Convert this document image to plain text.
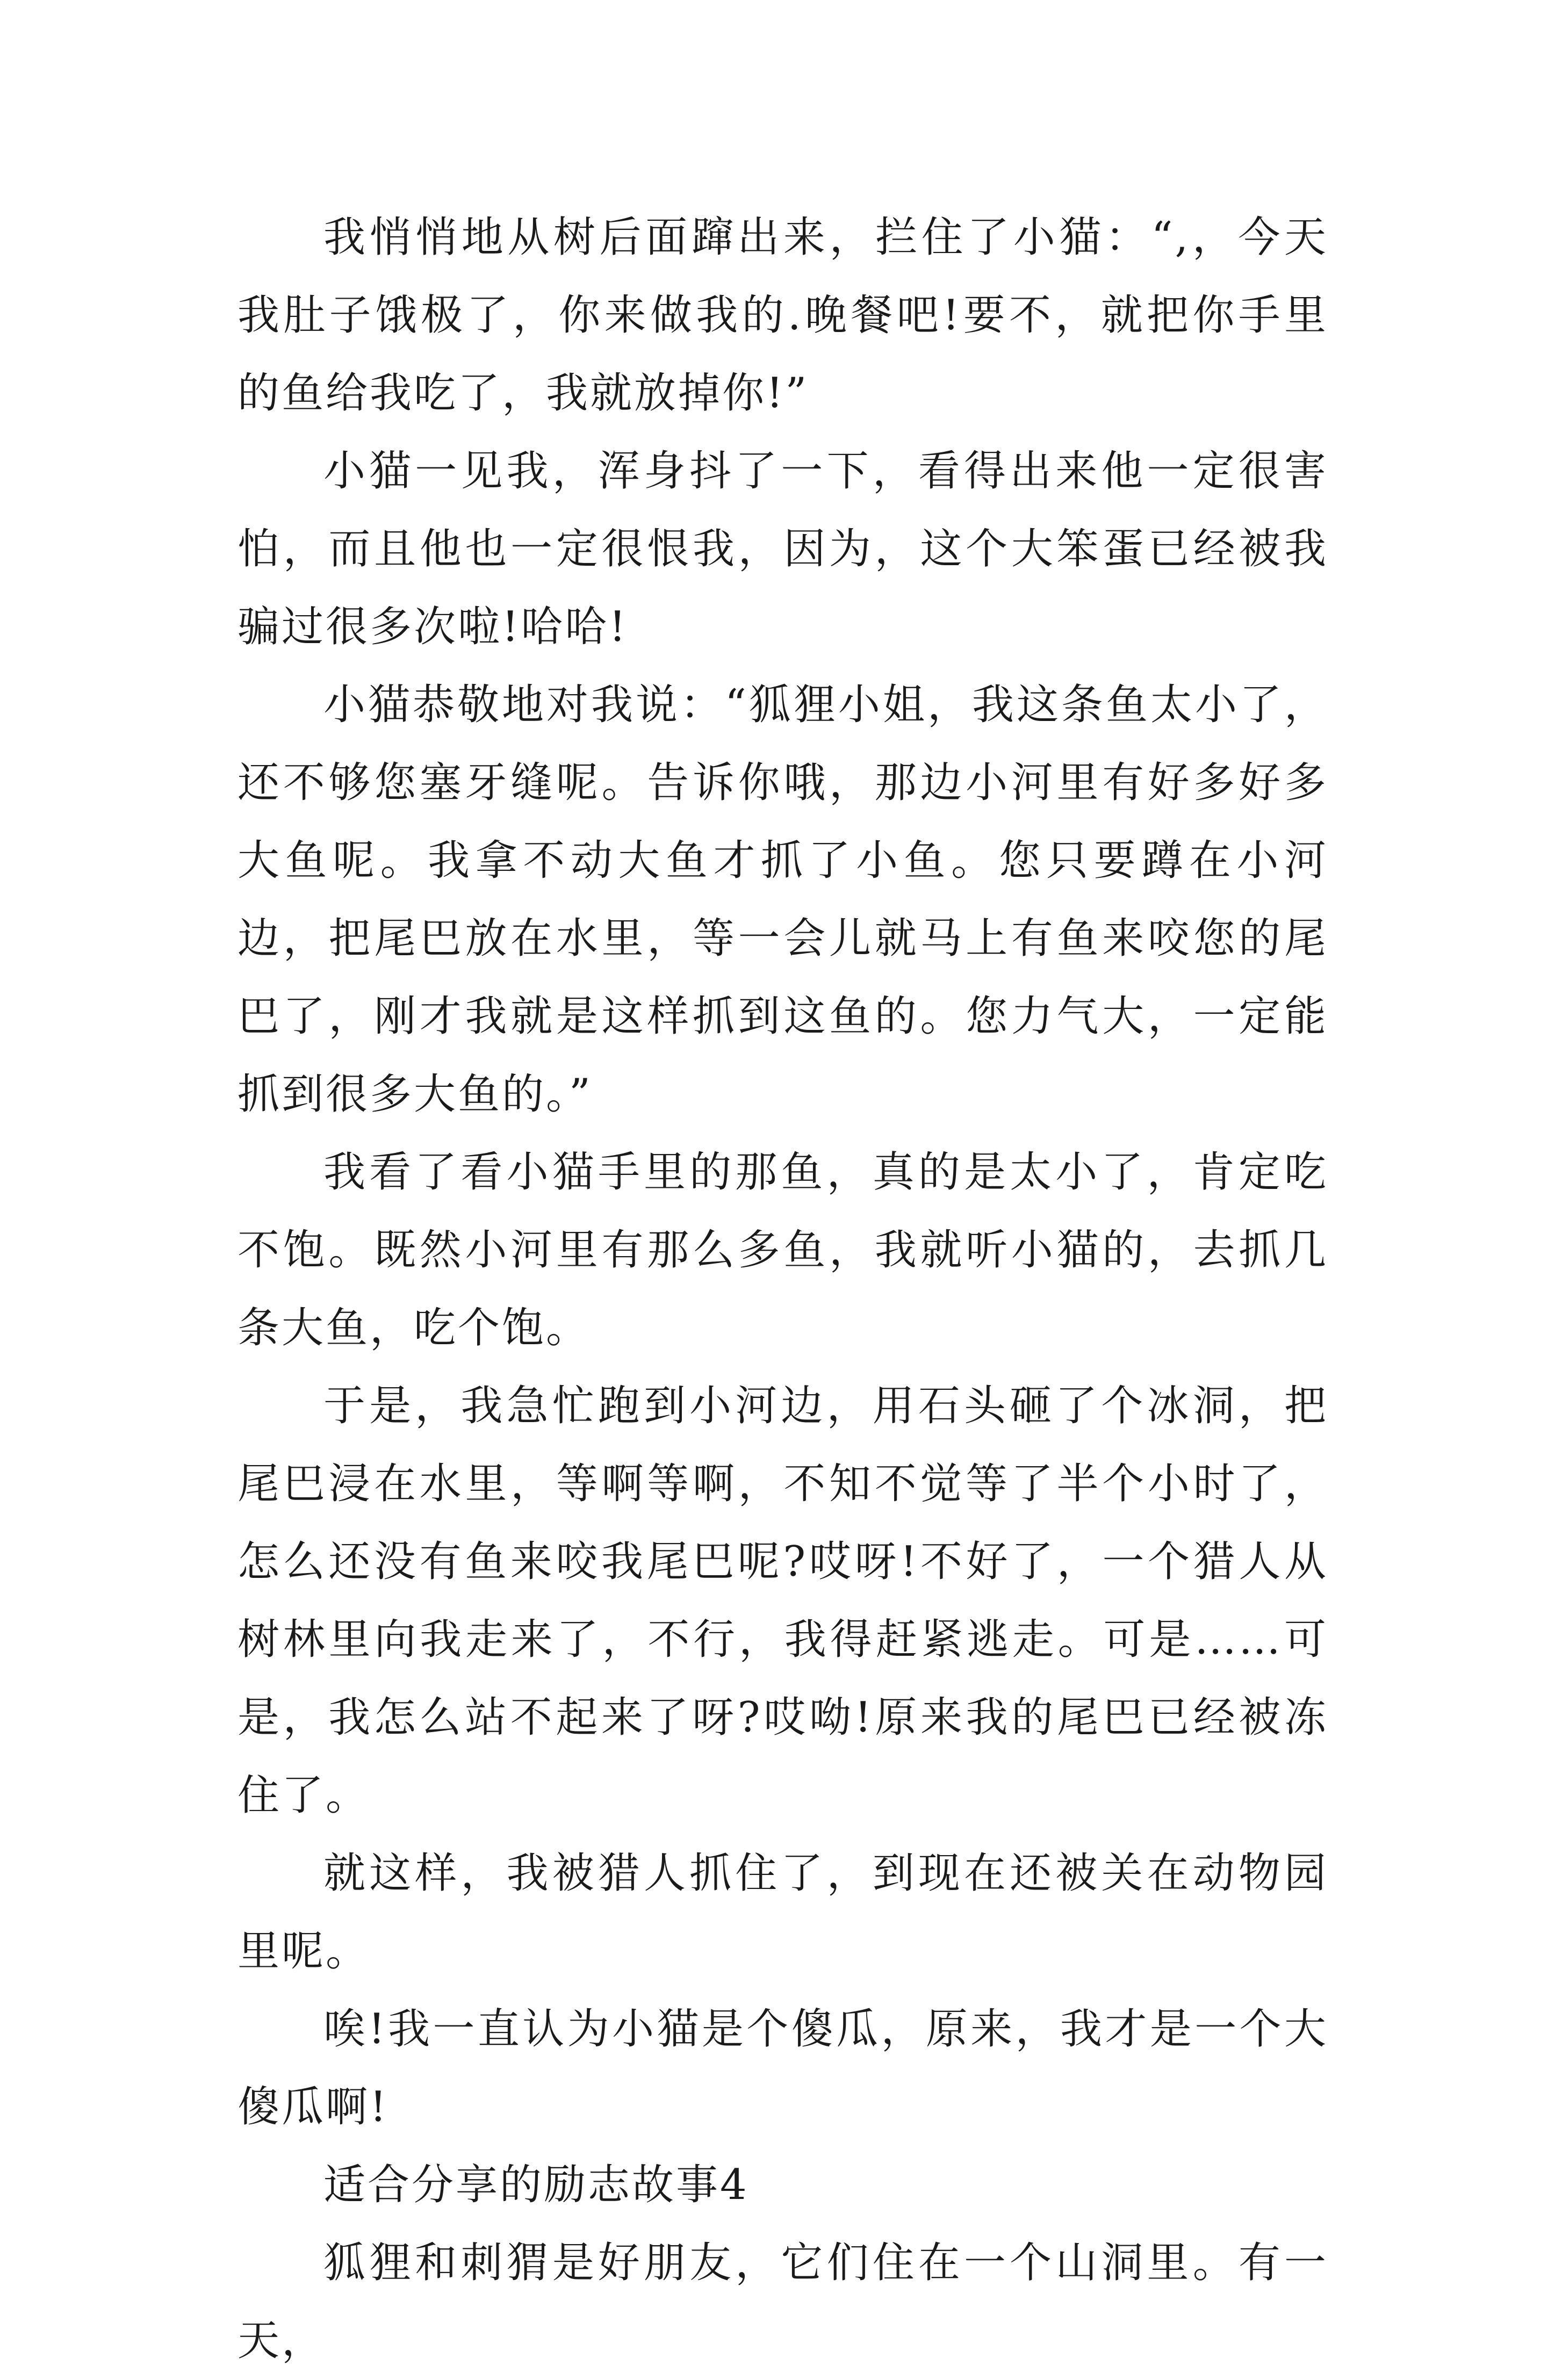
我悄悄地从树后面蹿出来，拦住了小猫：“,，今天我肚子饿极了，你来做我的.晚餐吧!要不，就把你手里的鱼给我吃了，我就放掉你!”

小猫一见我，浑身抖了一下，看得出来他一定很害怕，而且他也一定很恨我，因为，这个大笨蛋已经被我骗过很多次啦!哈哈!

小猫恭敬地对我说：“狐狸小姐，我这条鱼太小了，还不够您塞牙缝呢。告诉你哦，那边小河里有好多好多大鱼呢。我拿不动大鱼才抓了小鱼。您只要蹲在小河边，把尾巴放在水里，等一会儿就马上有鱼来咬您的尾巴了，刚才我就是这样抓到这鱼的。您力气大，一定能抓到很多大鱼的。”

我看了看小猫手里的那鱼，真的是太小了，肯定吃不饱。既然小河里有那么多鱼，我就听小猫的，去抓几条大鱼，吃个饱。

于是，我急忙跑到小河边，用石头砸了个冰洞，把尾巴浸在水里，等啊等啊，不知不觉等了半个小时了，怎么还没有鱼来咬我尾巴呢?哎呀!不好了，一个猎人从树林里向我走来了，不行，我得赶紧逃走。可是……可是，我怎么站不起来了呀?哎呦!原来我的尾巴已经被冻住了。

就这样，我被猎人抓住了，到现在还被关在动物园里呢。

唉!我一直认为小猫是个傻瓜，原来，我才是一个大傻瓜啊!

适合分享的励志故事4

狐狸和刺猬是好朋友，它们住在一个山洞里。有一天，
